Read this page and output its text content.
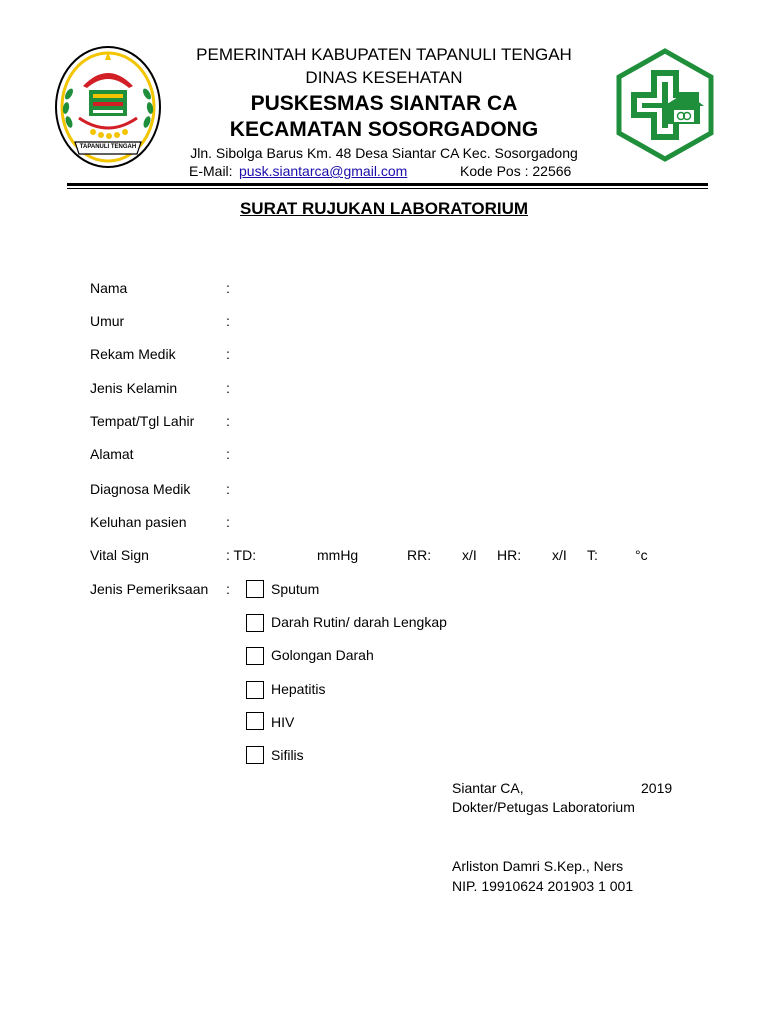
TAPANULI TENGAH
PEMERINTAH KABUPATEN TAPANULI TENGAH
DINAS KESEHATAN
PUSKESMAS SIANTAR CA
KECAMATAN SOSORGADONG
Jln. Sibolga Barus Km. 48 Desa Siantar CA Kec. Sosorgadong
E-Mail: pusk.siantarca@gmail.com	Kode Pos : 22566
SURAT RUJUKAN LABORATORIUM
Nama	:
Umur	:
Rekam Medik	:
Jenis Kelamin	:
Tempat/Tgl Lahir :
Alamat	:
Diagnosa Medik	:
Keluhan pasien	:
Vital Sign	: TD:	mmHg	RR: x/I HR: x/I T:	°c
Jenis Pemeriksaan :	Sputum
Darah Rutin/ darah Lengkap
Golongan Darah
Hepatitis
HIV
Sifilis
Siantar CA,	2019
Dokter/Petugas Laboratorium
Arliston Damri S.Kep., Ners
NIP. 19910624 201903 1 001
